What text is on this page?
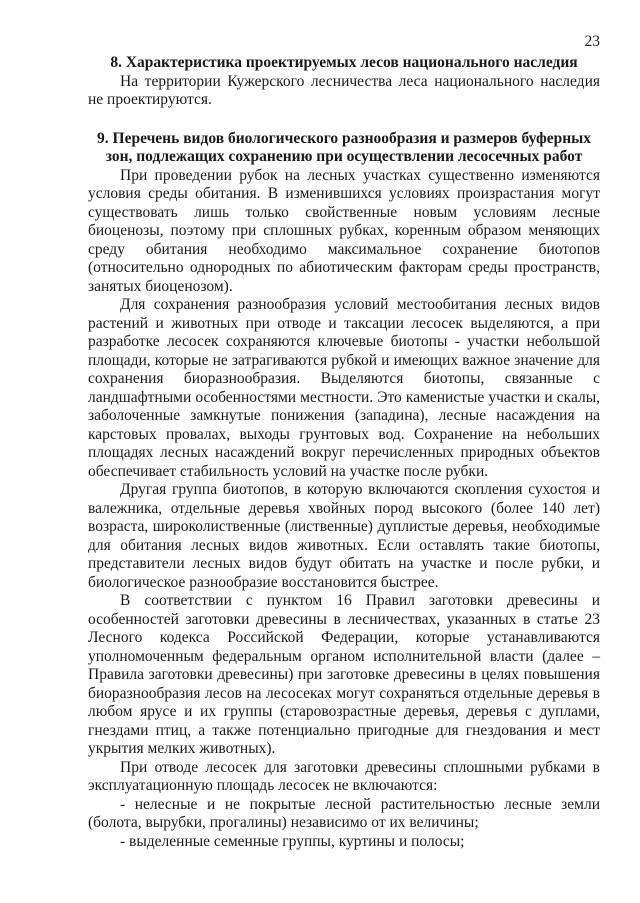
23
8. Характеристика проектируемых лесов национального наследия

На территории Кужерского лесничества леса национального наследия не проектируются.

9. Перечень видов биологического разнообразия и размеров буферных зон, подлежащих сохранению при осуществлении лесосечных работ

При проведении рубок на лесных участках существенно изменяются условия среды обитания. В изменившихся условиях произрастания могут существовать лишь только свойственные новым условиям лесные биоценозы, поэтому при сплошных рубках, коренным образом меняющих среду обитания необходимо максимальное сохранение биотопов (относительно однородных по абиотическим факторам среды пространств, занятых биоценозом).

Для сохранения разнообразия условий местообитания лесных видов растений и животных при отводе и таксации лесосек выделяются, а при разработке лесосек сохраняются ключевые биотопы - участки небольшой площади, которые не затрагиваются рубкой и имеющих важное значение для сохранения биоразнообразия. Выделяются биотопы, связанные с ландшафтными особенностями местности. Это каменистые участки и скалы, заболоченные замкнутые понижения (западина), лесные насаждения на карстовых провалах, выходы грунтовых вод. Сохранение на небольших площадях лесных насаждений вокруг перечисленных природных объектов обеспечивает стабильность условий на участке после рубки.

Другая группа биотопов, в которую включаются скопления сухостоя и валежника, отдельные деревья хвойных пород высокого (более 140 лет) возраста, широколиственные (лиственные) дуплистые деревья, необходимые для обитания лесных видов животных. Если оставлять такие биотопы, представители лесных видов будут обитать на участке и после рубки, и биологическое разнообразие восстановится быстрее.

В соответствии с пунктом 16 Правил заготовки древесины и особенностей заготовки древесины в лесничествах, указанных в статье 23 Лесного кодекса Российской Федерации, которые устанавливаются уполномоченным федеральным органом исполнительной власти (далее – Правила заготовки древесины) при заготовке древесины в целях повышения биоразнообразия лесов на лесосеках могут сохраняться отдельные деревья в любом ярусе и их группы (старовозрастные деревья, деревья с дуплами, гнездами птиц, а также потенциально пригодные для гнездования и мест укрытия мелких животных).

При отводе лесосек для заготовки древесины сплошными рубками в эксплуатационную площадь лесосек не включаются:

- нелесные и не покрытые лесной растительностью лесные земли (болота, вырубки, прогалины) независимо от их величины;

- выделенные семенные группы, куртины и полосы;
